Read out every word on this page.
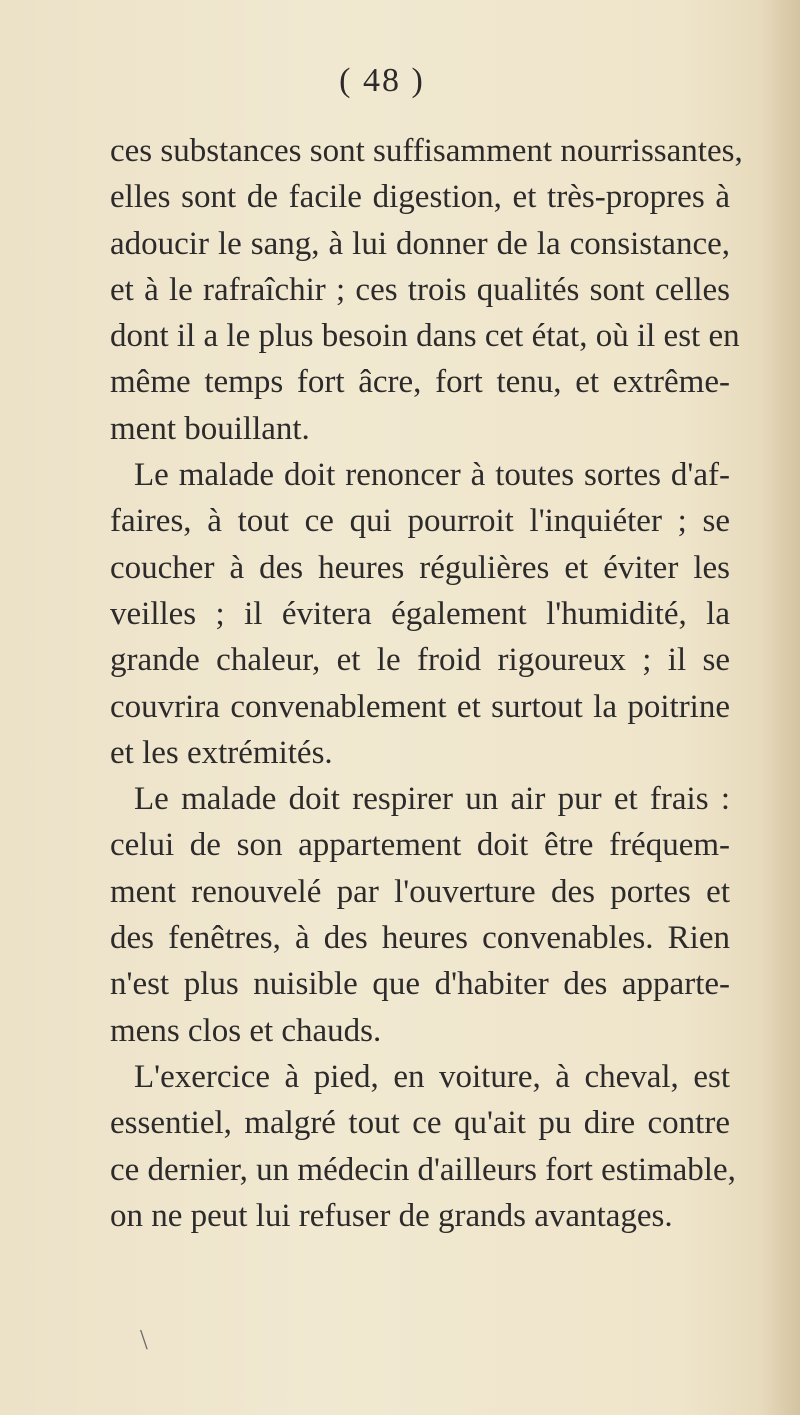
( 48 )
ces substances sont suffisamment nourrissantes,
elles sont de facile digestion, et très-propres à
adoucir le sang, à lui donner de la consistance,
et à le rafraîchir ; ces trois qualités sont celles
dont il a le plus besoin dans cet état, où il est en
même temps fort âcre, fort tenu, et extrême-
ment bouillant.
Le malade doit renoncer à toutes sortes d'af-
faires, à tout ce qui pourroit l'inquiéter ; se
coucher à des heures régulières et éviter les
veilles ; il évitera également l'humidité, la
grande chaleur, et le froid rigoureux ; il se
couvrira convenablement et surtout la poitrine
et les extrémités.
Le malade doit respirer un air pur et frais :
celui de son appartement doit être fréquem-
ment renouvelé par l'ouverture des portes et
des fenêtres, à des heures convenables. Rien
n'est plus nuisible que d'habiter des apparte-
mens clos et chauds.
L'exercice à pied, en voiture, à cheval, est
essentiel, malgré tout ce qu'ait pu dire contre
ce dernier, un médecin d'ailleurs fort estimable,
on ne peut lui refuser de grands avantages.
\
